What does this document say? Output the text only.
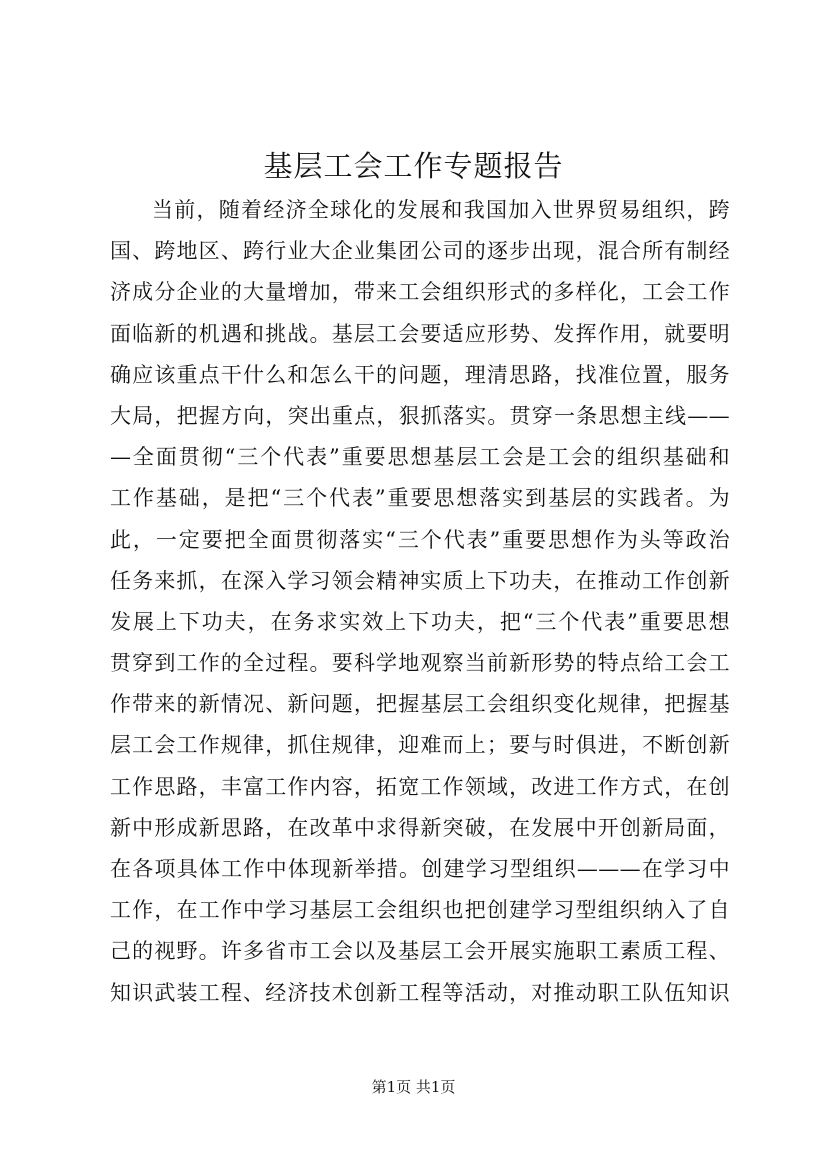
基层工会工作专题报告
当前，随着经济全球化的发展和我国加入世界贸易组织，跨
国、跨地区、跨行业大企业集团公司的逐步出现，混合所有制经
济成分企业的大量增加，带来工会组织形式的多样化，工会工作
面临新的机遇和挑战。基层工会要适应形势、发挥作用，就要明
确应该重点干什么和怎么干的问题，理清思路，找准位置，服务
大局，把握方向，突出重点，狠抓落实。贯穿一条思想主线——
—全面贯彻“三个代表”重要思想基层工会是工会的组织基础和
工作基础，是把“三个代表”重要思想落实到基层的实践者。为
此，一定要把全面贯彻落实“三个代表”重要思想作为头等政治
任务来抓，在深入学习领会精神实质上下功夫，在推动工作创新
发展上下功夫，在务求实效上下功夫，把“三个代表”重要思想
贯穿到工作的全过程。要科学地观察当前新形势的特点给工会工
作带来的新情况、新问题，把握基层工会组织变化规律，把握基
层工会工作规律，抓住规律，迎难而上；要与时俱进，不断创新
工作思路，丰富工作内容，拓宽工作领域，改进工作方式，在创
新中形成新思路，在改革中求得新突破，在发展中开创新局面，
在各项具体工作中体现新举措。创建学习型组织———在学习中
工作，在工作中学习基层工会组织也把创建学习型组织纳入了自
己的视野。许多省市工会以及基层工会开展实施职工素质工程、
知识武装工程、经济技术创新工程等活动，对推动职工队伍知识
第1页 共1页
